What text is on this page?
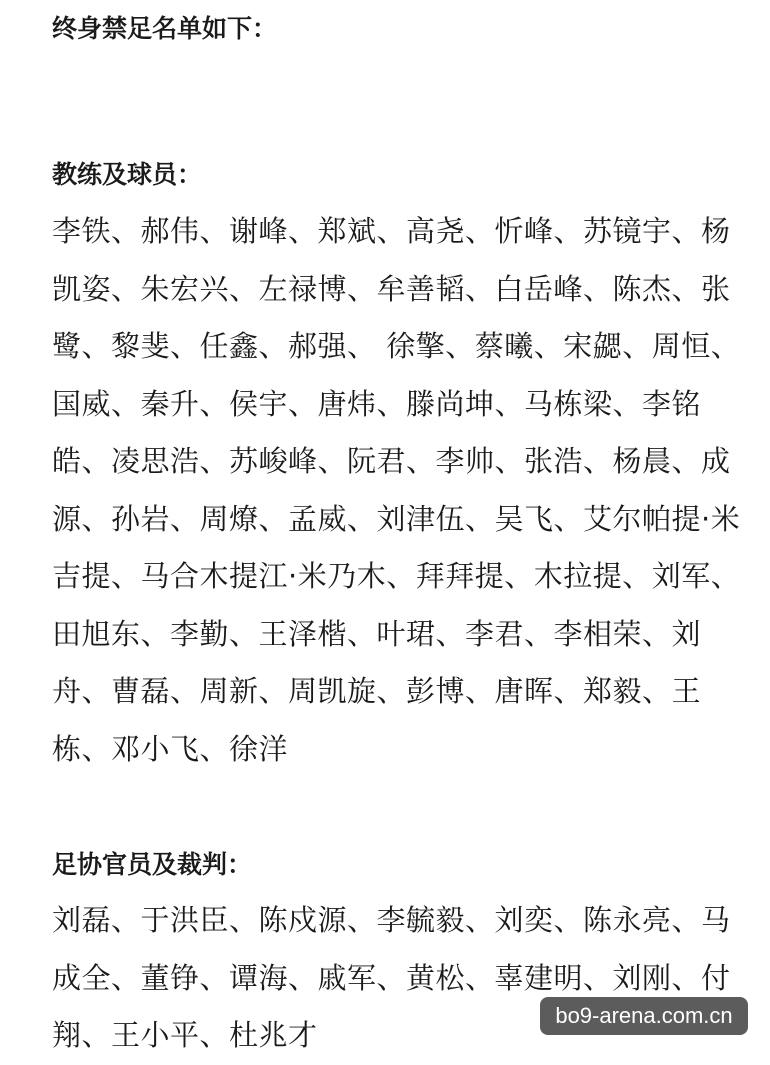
终身禁足名单如下：
教练及球员：
李铁、郝伟、谢峰、郑斌、高尧、忻峰、苏镜宇、杨
凯姿、朱宏兴、左禄博、牟善韬、白岳峰、陈杰、张
鹭、黎斐、任鑫、郝强、 徐擎、蔡曦、宋勰、周恒、
国威、秦升、侯宇、唐炜、滕尚坤、马栋梁、李铭
皓、凌思浩、苏峻峰、阮君、李帅、张浩、杨晨、成
源、孙岩、周燎、孟威、刘津伍、吴飞、艾尔帕提·米
吉提、马合木提江·米乃木、拜拜提、木拉提、刘军、
田旭东、李勤、王泽楷、叶珺、李君、李相荣、刘
舟、曹磊、周新、周凯旋、彭博、唐晖、郑毅、王
栋、邓小飞、徐洋
足协官员及裁判：
刘磊、于洪臣、陈戍源、李毓毅、刘奕、陈永亮、马
成全、董铮、谭海、戚军、黄松、辜建明、刘刚、付
翔、王小平、杜兆才
bo9-arena.com.cn
